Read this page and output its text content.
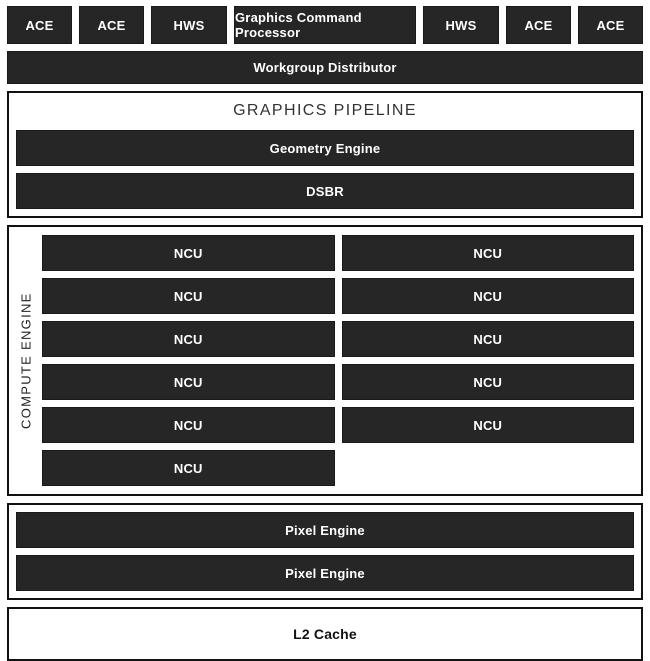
ACE	ACE	HWS	Graphics Command Processor	HWS	ACE	ACE
Workgroup Distributor
GRAPHICS PIPELINE
Geometry Engine
DSBR
COMPUTE ENGINE
NCU	NCU
NCU	NCU
NCU	NCU
NCU	NCU
NCU	NCU
NCU
Pixel Engine
Pixel Engine
L2 Cache
